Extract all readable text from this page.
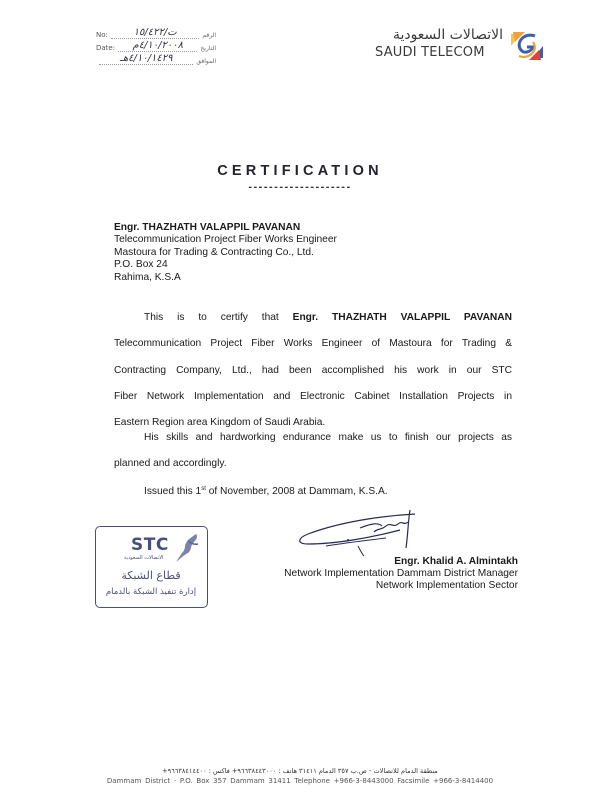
No:	ت/١٥/٤٢٢	الرقم
Date:	٤/١٠/٢٠٠٨م	التاريخ
٤/١٠/١٤٢٩هـ	الموافق
الاتصالات السعودية
SAUDI TELECOM
CERTIFICATION
--------------------
Engr. THAZHATH VALAPPIL PAVANAN
Telecommunication Project Fiber Works Engineer
Mastoura for Trading & Contracting Co., Ltd.
P.O. Box 24
Rahima, K.S.A
This is to certify that Engr. THAZHATH VALAPPIL PAVANAN
Telecommunication Project Fiber Works Engineer of Mastoura for Trading &
Contracting Company, Ltd., had been accomplished his work in our STC
Fiber Network Implementation and Electronic Cabinet Installation Projects in
Eastern Region area Kingdom of Saudi Arabia.
His skills and hardworking endurance make us to finish our projects as
planned and accordingly.
Issued this 1st of November, 2008 at Dammam, K.S.A.
STC
الاتصالات السعودية
قطاع الشبكة
إدارة تنفيذ الشبكة بالدمام
Engr. Khalid A. Almintakh
Network Implementation Dammam District Manager
Network Implementation Sector
منطقة الدمام للاتصالات - ص.ب ٣٥٧ الدمام ٣١٤١١ هاتف : ٩٦٦٣٨٤٤٣٠٠٠+ فاكس : ٩٦٦٣٨٤١٤٤٠٠+
Dammam District · P.O. Box 357 Dammam 31411 Telephone +966-3-8443000 Facsimile +966-3-8414400
